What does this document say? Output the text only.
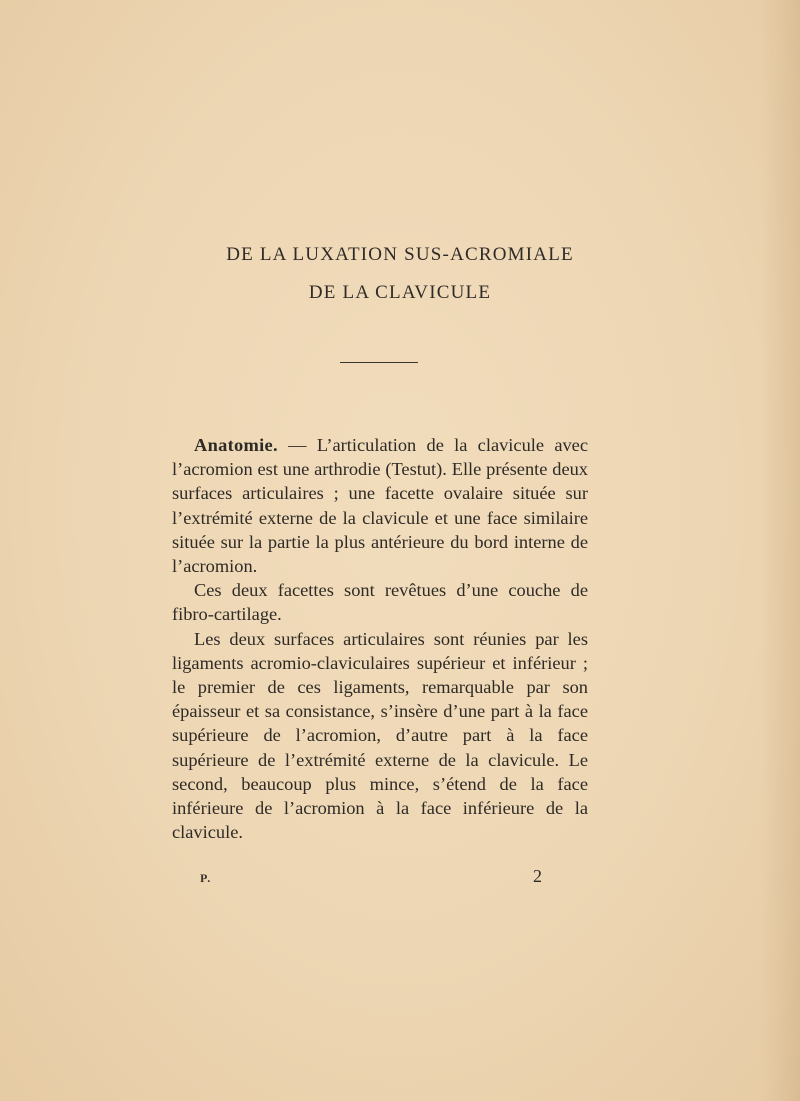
DE LA LUXATION SUS-ACROMIALE
DE LA CLAVICULE

Anatomie. — L’articulation de la clavicule avec l’acromion est une arthrodie (Testut). Elle présente deux surfaces articulaires ; une facette ovalaire située sur l’extrémité externe de la clavicule et une face similaire située sur la partie la plus antérieure du bord interne de l’acromion.

Ces deux facettes sont revêtues d’une couche de fibro-cartilage.

Les deux surfaces articulaires sont réunies par les ligaments acromio-claviculaires supérieur et inférieur ; le premier de ces ligaments, remarquable par son épaisseur et sa consistance, s’insère d’une part à la face supérieure de l’acromion, d’autre part à la face supérieure de l’extrémité externe de la clavicule. Le second, beaucoup plus mince, s’étend de la face inférieure de l’acromion à la face inférieure de la clavicule.

P.	2
